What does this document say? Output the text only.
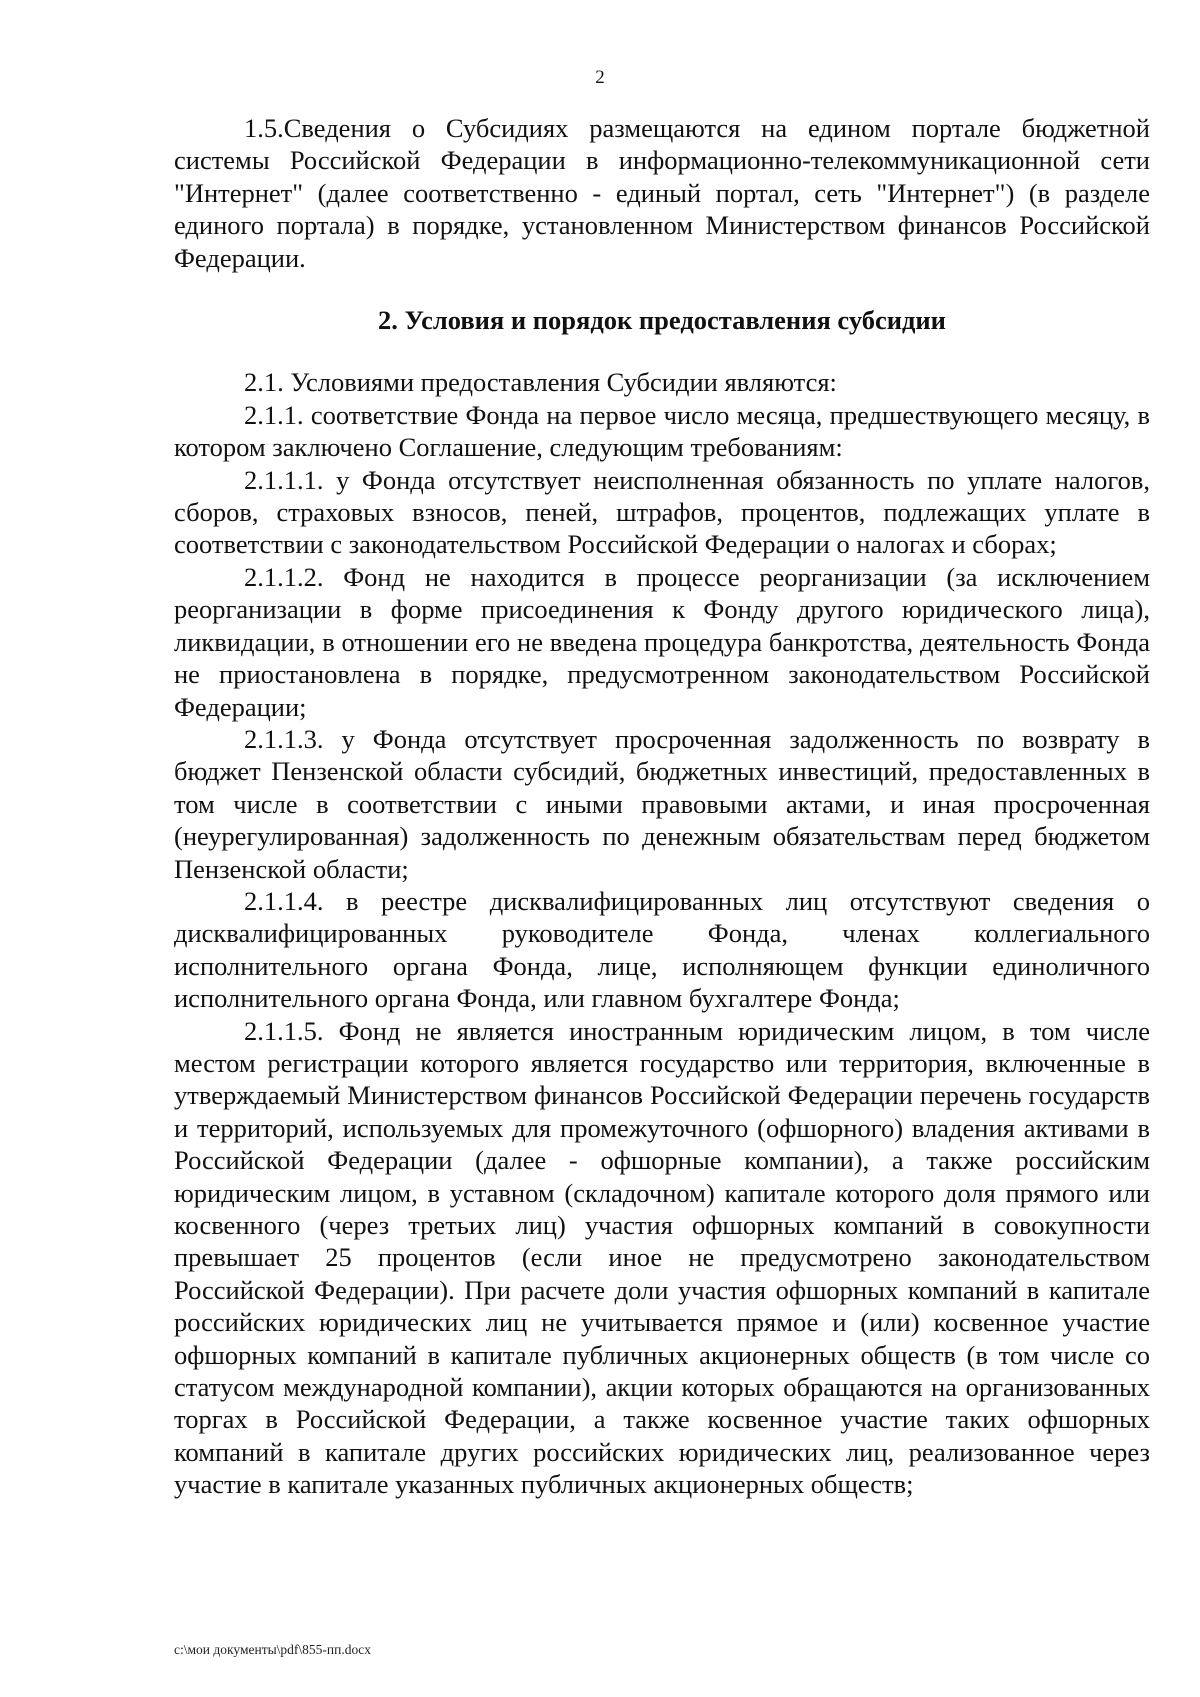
2

1.5.Сведения о Субсидиях размещаются на едином портале бюджетной системы Российской Федерации в информационно-телекоммуникационной сети "Интернет" (далее соответственно - единый портал, сеть "Интернет") (в разделе единого портала) в порядке, установленном Министерством финансов Российской Федерации.

2. Условия и порядок предоставления субсидии

2.1. Условиями предоставления Субсидии являются:

2.1.1. соответствие Фонда на первое число месяца, предшествующего месяцу, в котором заключено Соглашение, следующим требованиям:

2.1.1.1. у Фонда отсутствует неисполненная обязанность по уплате налогов, сборов, страховых взносов, пеней, штрафов, процентов, подлежащих уплате в соответствии с законодательством Российской Федерации о налогах и сборах;

2.1.1.2. Фонд не находится в процессе реорганизации (за исключением реорганизации в форме присоединения к Фонду другого юридического лица), ликвидации, в отношении его не введена процедура банкротства, деятельность Фонда не приостановлена в порядке, предусмотренном законодательством Российской Федерации;

2.1.1.3. у Фонда отсутствует просроченная задолженность по возврату в бюджет Пензенской области субсидий, бюджетных инвестиций, предоставленных в том числе в соответствии с иными правовыми актами, и иная просроченная (неурегулированная) задолженность по денежным обязательствам перед бюджетом Пензенской области;

2.1.1.4. в реестре дисквалифицированных лиц отсутствуют сведения о дисквалифицированных руководителе Фонда, членах коллегиального исполнительного органа Фонда, лице, исполняющем функции единоличного исполнительного органа Фонда, или главном бухгалтере Фонда;

2.1.1.5. Фонд не является иностранным юридическим лицом, в том числе местом регистрации которого является государство или территория, включенные в утверждаемый Министерством финансов Российской Федерации перечень государств и территорий, используемых для промежуточного (офшорного) владения активами в Российской Федерации (далее - офшорные компании), а также российским юридическим лицом, в уставном (складочном) капитале которого доля прямого или косвенного (через третьих лиц) участия офшорных компаний в совокупности превышает 25 процентов (если иное не предусмотрено законодательством Российской Федерации). При расчете доли участия офшорных компаний в капитале российских юридических лиц не учитывается прямое и (или) косвенное участие офшорных компаний в капитале публичных акционерных обществ (в том числе со статусом международной компании), акции которых обращаются на организованных торгах в Российской Федерации, а также косвенное участие таких офшорных компаний в капитале других российских юридических лиц, реализованное через участие в капитале указанных публичных акционерных обществ;

c:\мои документы\pdf\855-пп.docx
